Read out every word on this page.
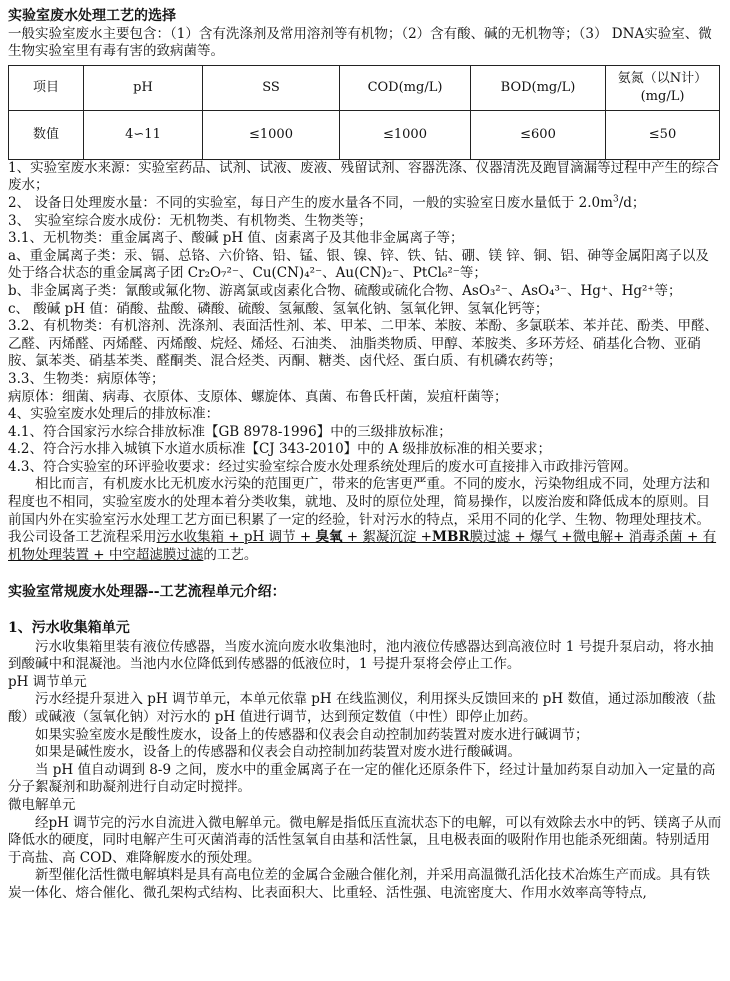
实验室废水处理工艺的选择

一般实验室废水主要包含：（1）含有洗涤剂及常用溶剂等有机物；（2）含有酸、碱的无机物等；（3） DNA实验室、微生物实验室里有毒有害的致病菌等。

项目	pH	SS	COD(mg/L)	BOD(mg/L)	氨氮（以N计）(mg/L)
数值	4∽11	≤1000	≤1000	≤600	≤50

1、实验室废水来源：实验室药品、试剂、试液、废液、残留试剂、容器洗涤、仪器清洗及跑冒滴漏等过程中产生的综合废水；

2、 设备日处理废水量：不同的实验室，每日产生的废水量各不同，一般的实验室日废水量低于 $2.0m^3/d$；

3、 实验室综合废水成份：无机物类、有机物类、生物类等；

3.1、无机物类：重金属离子、酸碱 pH 值、卤素离子及其他非金属离子等；

a、重金属离子类：汞、镉、总铬、六价铬、铅、锰、银、镍、锌、铁、钴、硼、镁 锌、铜、铝、砷等金属阳离子以及处于络合状态的重金属离子团 Cr₂O₇²⁻、Cu(CN)₄²⁻、Au(CN)₂⁻、PtCl₆²⁻等；

b、非金属离子类：氰酸或氟化物、游离氯或卤素化合物、硫酸或硫化合物、AsO₃²⁻、AsO₄³⁻、Hg⁺、Hg²⁺等；

c、 酸碱 pH 值：硝酸、盐酸、磷酸、硫酸、氢氟酸、氢氧化钠、氢氧化钾、氢氧化钙等；

3.2、有机物类：有机溶剂、洗涤剂、表面活性剂、苯、甲苯、二甲苯、苯胺、苯酚、多氯联苯、苯并芘、酚类、甲醛、乙醛、丙烯醛、丙烯醛、丙烯酸、烷烃、烯烃、石油类、 油脂类物质、甲醇、苯胺类、多环芳烃、硝基化合物、亚硝胺、氯苯类、硝基苯类、醛酮类、混合烃类、丙酮、糖类、卤代烃、蛋白质、有机磷农药等；

3.3、生物类：病原体等；

病原体：细菌、病毒、衣原体、支原体、螺旋体、真菌、布鲁氏杆菌，炭疽杆菌等；

4、实验室废水处理后的排放标准：

4.1、符合国家污水综合排放标准【GB 8978-1996】中的三级排放标准；

4.2、符合污水排入城镇下水道水质标准【CJ 343-2010】中的 A 级排放标准的相关要求；

4.3、符合实验室的环评验收要求：经过实验室综合废水处理系统处理后的废水可直接排入市政排污管网。

相比而言，有机废水比无机废水污染的范围更广，带来的危害更严重。不同的废水，污染物组成不同，处理方法和程度也不相同，实验室废水的处理本着分类收集，就地、及时的原位处理，简易操作，以废治废和降低成本的原则。目前国内外在实验室污水处理工艺方面已积累了一定的经验，针对污水的特点，采用不同的化学、生物、物理处理技术。我公司设备工艺流程采用污水收集箱 + pH 调节 + 臭氧 + 絮凝沉淀 +MBR膜过滤 + 爆气 +微电解+ 消毒杀菌 + 有机物处理装置 + 中空超滤膜过滤的工艺。

实验室常规废水处理器--工艺流程单元介绍：

1、污水收集箱单元

污水收集箱里装有液位传感器，当废水流向废水收集池时，池内液位传感器达到高液位时 1 号提升泵启动，将水抽到酸碱中和混凝池。当池内水位降低到传感器的低液位时，1 号提升泵将会停止工作。

pH 调节单元

污水经提升泵进入 pH 调节单元，本单元依靠 pH 在线监测仪，利用探头反馈回来的 pH 数值，通过添加酸液（盐酸）或碱液（氢氧化钠）对污水的 pH 值进行调节，达到预定数值（中性）即停止加药。

如果实验室废水是酸性废水，设备上的传感器和仪表会自动控制加药装置对废水进行碱调节；

如果是碱性废水，设备上的传感器和仪表会自动控制加药装置对废水进行酸碱调。

当 pH 值自动调到 8-9 之间，废水中的重金属离子在一定的催化还原条件下，经过计量加药泵自动加入一定量的高分子絮凝剂和助凝剂进行自动定时搅拌。

微电解单元

经pH 调节完的污水自流进入微电解单元。微电解是指低压直流状态下的电解，可以有效除去水中的钙、镁离子从而降低水的硬度，同时电解产生可灭菌消毒的活性氢氧自由基和活性氯，且电极表面的吸附作用也能杀死细菌。特别适用于高盐、高 COD、难降解废水的预处理。

新型催化活性微电解填料是具有高电位差的金属合金融合催化剂，并采用高温微孔活化技术冶炼生产而成。具有铁炭一体化、熔合催化、微孔架构式结构、比表面积大、比重轻、活性强、电流密度大、作用水效率高等特点,
